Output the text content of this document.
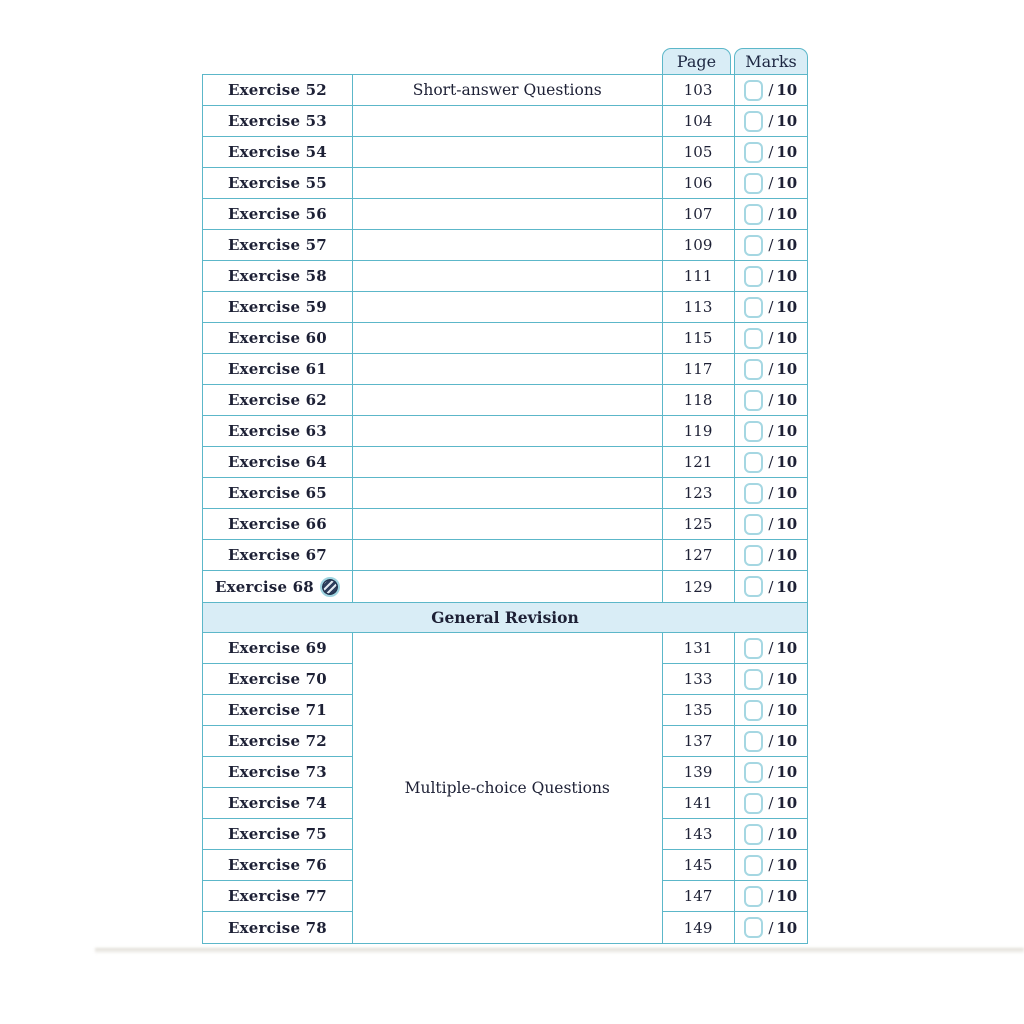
Page	Marks
Exercise 52
Exercise 53
Exercise 54
Exercise 55
Exercise 56
Exercise 57
Exercise 58
Exercise 59
Exercise 60
Exercise 61
Exercise 62
Exercise 63
Exercise 64
Exercise 65
Exercise 66
Exercise 67
Exercise 68
Short-answer Questions	103
104
105
106
107
109
111
113
115
117
118
119
121
123
125
127
129
/ 10
/ 10
/ 10
/ 10
/ 10
/ 10
/ 10
/ 10
/ 10
/ 10
/ 10
/ 10
/ 10
/ 10
/ 10
/ 10
/ 10
General Revision
Exercise 69
Exercise 70
Exercise 71
Exercise 72
Exercise 73
Exercise 74
Exercise 75
Exercise 76
Exercise 77
Exercise 78
Multiple-choice Questions
131
133
135
137
139
141
143
145
147
149
/ 10
/ 10
/ 10
/ 10
/ 10
/ 10
/ 10
/ 10
/ 10
/ 10
